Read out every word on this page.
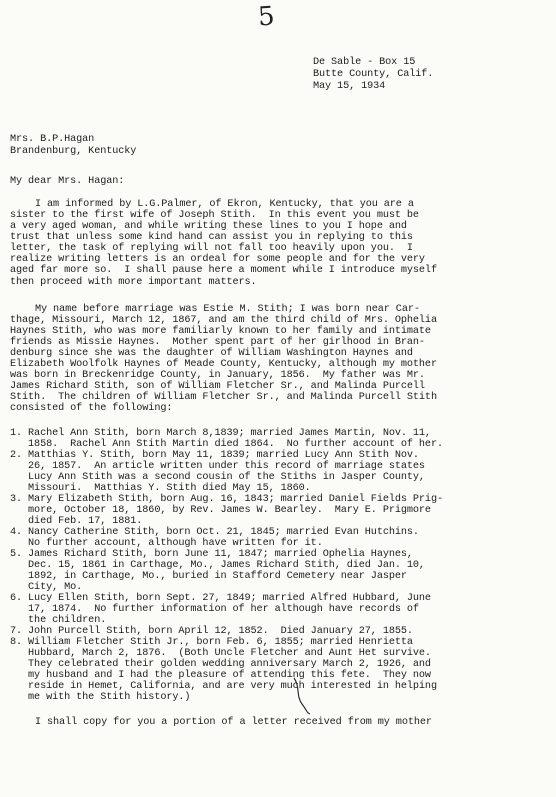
5
De Sable - Box 15
Butte County, Calif.
May 15, 1934
Mrs. B.P.Hagan
Brandenburg, Kentucky
My dear Mrs. Hagan:
I am informed by L.G.Palmer, of Ekron, Kentucky, that you are a
sister to the first wife of Joseph Stith.  In this event you must be
a very aged woman, and while writing these lines to you I hope and
trust that unless some kind hand can assist you in replying to this
letter, the task of replying will not fall too heavily upon you.  I
realize writing letters is an ordeal for some people and for the very
aged far more so.  I shall pause here a moment while I introduce myself
then proceed with more important matters.
My name before marriage was Estie M. Stith; I was born near Car-
thage, Missouri, March 12, 1867, and am the third child of Mrs. Ophelia
Haynes Stith, who was more familiarly known to her family and intimate
friends as Missie Haynes.  Mother spent part of her girlhood in Bran-
denburg since she was the daughter of William Washington Haynes and
Elizabeth Woolfolk Haynes of Meade County, Kentucky, although my mother
was born in Breckenridge County, in January, 1856.  My father was Mr.
James Richard Stith, son of William Fletcher Sr., and Malinda Purcell
Stith.  The children of William Fletcher Sr., and Malinda Purcell Stith
consisted of the following:
1. Rachel Ann Stith, born March 8,1839; married James Martin, Nov. 11,
1858.  Rachel Ann Stith Martin died 1864.  No further account of her.
2. Matthias Y. Stith, born May 11, 1839; married Lucy Ann Stith Nov.
26, 1857.  An article written under this record of marriage states
Lucy Ann Stith was a second cousin of the Stiths in Jasper County,
Missouri.  Matthias Y. Stith died May 15, 1860.
3. Mary Elizabeth Stith, born Aug. 16, 1843; married Daniel Fields Prig-
more, October 18, 1860, by Rev. James W. Bearley.  Mary E. Prigmore
died Feb. 17, 1881.
4. Nancy Catherine Stith, born Oct. 21, 1845; married Evan Hutchins.
No further account, although have written for it.
5. James Richard Stith, born June 11, 1847; married Ophelia Haynes,
Dec. 15, 1861 in Carthage, Mo., James Richard Stith, died Jan. 10,
1892, in Carthage, Mo., buried in Stafford Cemetery near Jasper
City, Mo.
6. Lucy Ellen Stith, born Sept. 27, 1849; married Alfred Hubbard, June
17, 1874.  No further information of her although have records of
the children.
7. John Purcell Stith, born April 12, 1852.  Died January 27, 1855.
8. William Fletcher Stith Jr., born Feb. 6, 1855; married Henrietta
Hubbard, March 2, 1876.  (Both Uncle Fletcher and Aunt Het survive.
They celebrated their golden wedding anniversary March 2, 1926, and
my husband and I had the pleasure of attending this fete.  They now
reside in Hemet, California, and are very much interested in helping
me with the Stith history.)
I shall copy for you a portion of a letter received from my mother
